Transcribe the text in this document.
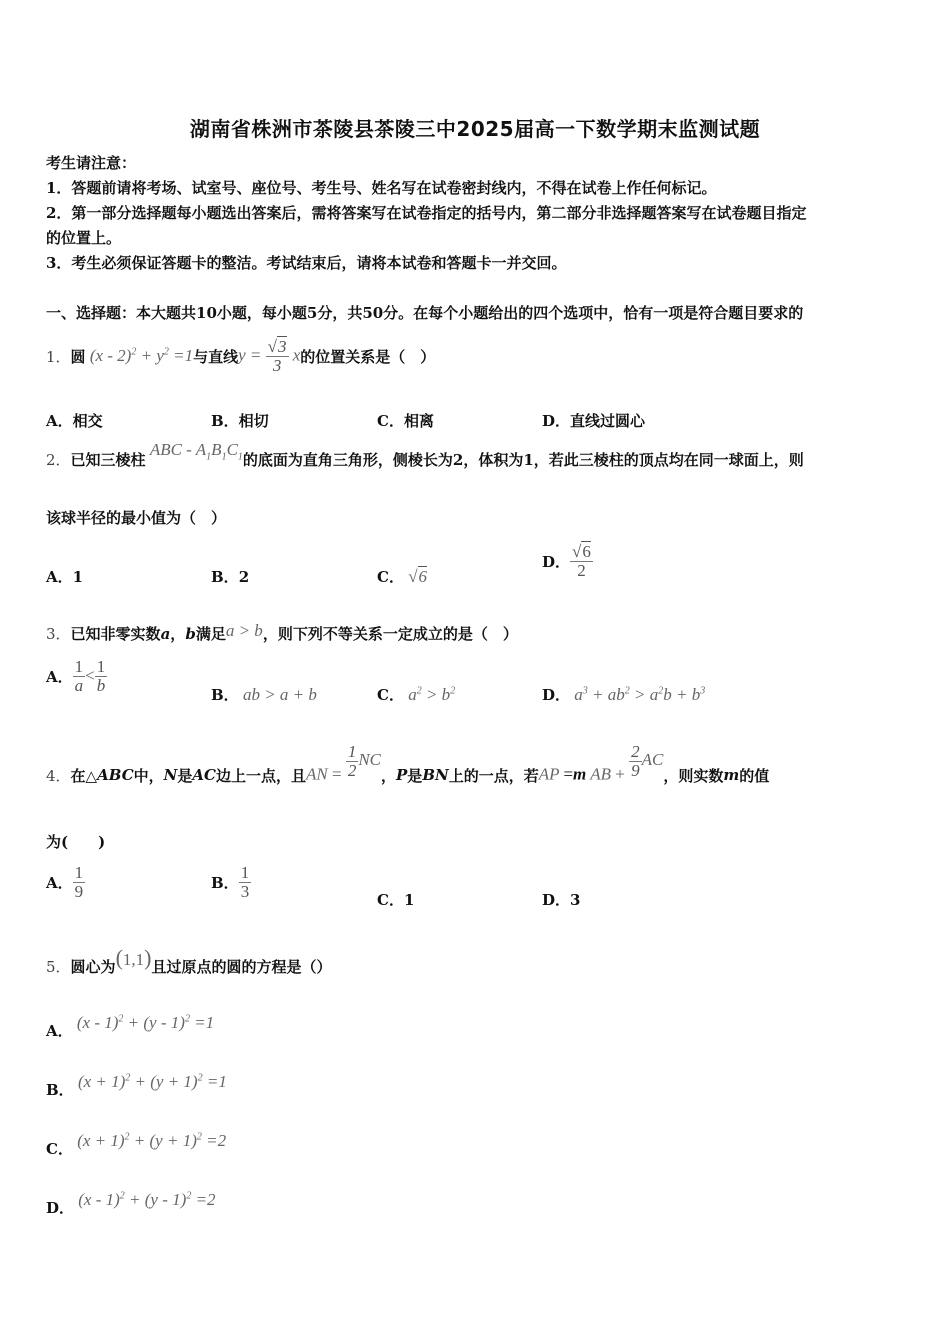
湖南省株洲市茶陵县茶陵三中2025届高一下数学期末监测试题
考生请注意：
1．答题前请将考场、试室号、座位号、考生号、姓名写在试卷密封线内，不得在试卷上作任何标记。
2．第一部分选择题每小题选出答案后，需将答案写在试卷指定的括号内，第二部分非选择题答案写在试卷题目指定
的位置上。
3．考生必须保证答题卡的整洁。考试结束后，请将本试卷和答题卡一并交回。
一、选择题：本大题共10小题，每小题5分，共50分。在每个小题给出的四个选项中，恰有一项是符合题目要求的
1． 圆 $(x - 2)^2 + y^2 =1$ 与直线 $y = \frac{√3}{3}$ x 的位置关系是（　）
A．相交	B．相切	C．相离	D．直线过圆心
2． 已知三棱柱
ABC - $A_1B_1C_1$ 的底面为直角三角形，侧棱长为2，体积为1，若此三棱柱的顶点均在同一球面上，则
该球半径的最小值为（　）
A．1	B．2	C． √6
D． $\frac{√6}{2}$
3． 已知非零实数 a ， b 满足 a > b ，则下列不等关系一定成立的是（　）
A． $\frac{1}{a} < \frac{1}{b}$
B． ab > a + b	C． $a^2 > b^2$	D． $a^3 + ab^2 > a^2b + b^3$
4． 在△ ABC 中， N 是 AC 边上一点，且 AN = $\frac{1}{2}$ NC
， P 是 BN 上的一点，若 AP =m AB + $\frac{2}{9}$ AC
，则实数 m 的值
为(　　)
A． $\frac{1}{9}$	B． $\frac{1}{3}$	C．1	D．3
5． 圆心为 (1,1) 且过原点的圆的方程是（）
A． (x - 1)$^2$ + (y - 1)$^2$ =1
B． $(x + 1)^2 + (y + 1)^2 =1$
C． $(x + 1)^2 + (y + 1)^2 =2$
D． (x - 1)$^2$ + (y - 1)$^2$ =2
